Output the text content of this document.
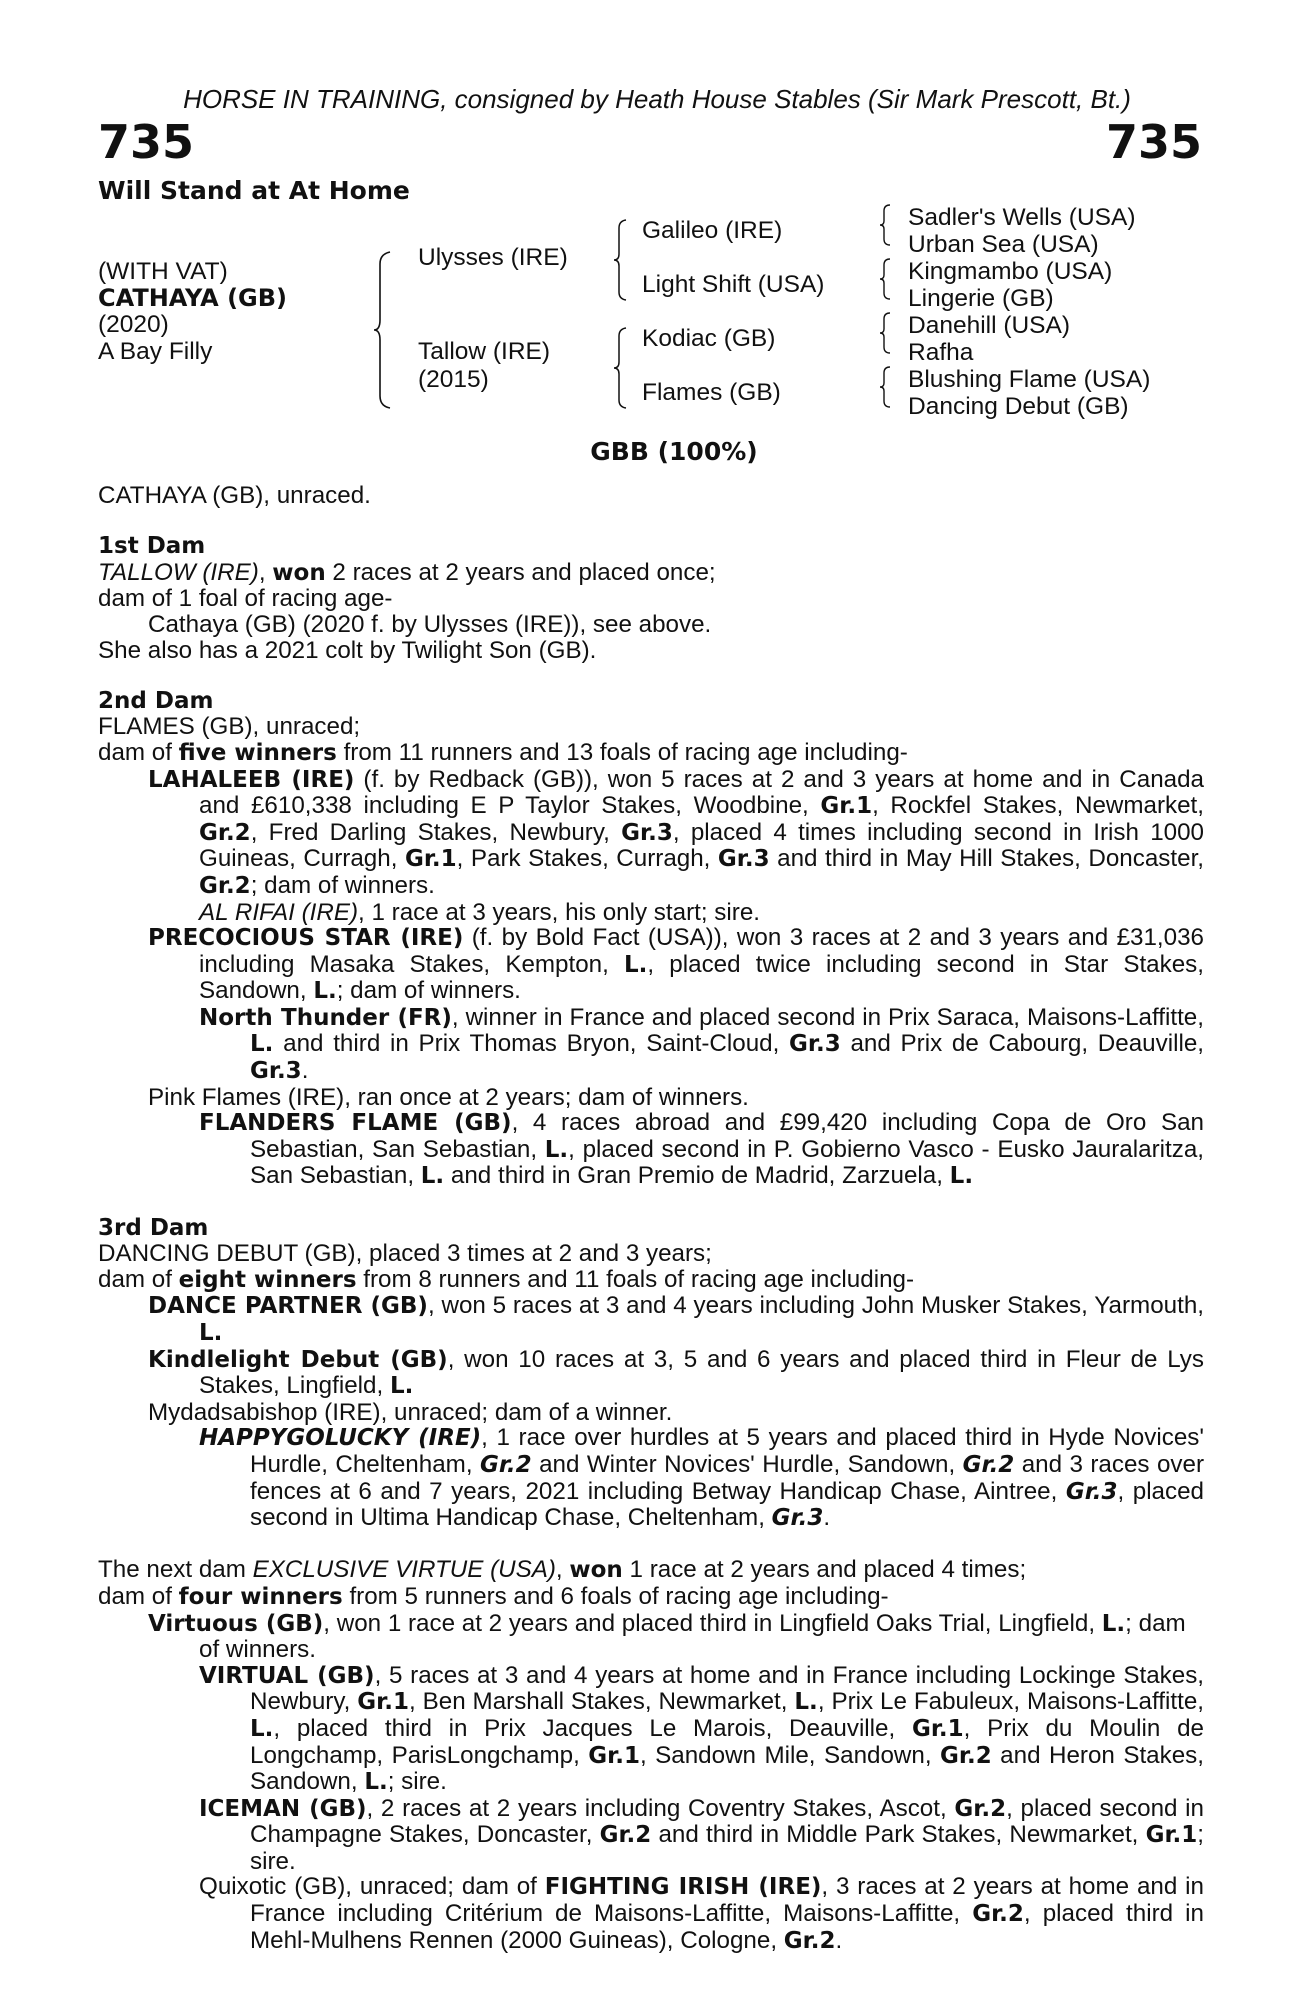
HORSE IN TRAINING, consigned by Heath House Stables (Sir Mark Prescott, Bt.)
735	735
Will Stand at At Home
(WITH VAT)
CATHAYA (GB)
(2020)
A Bay Filly
Ulysses (IRE)
Tallow (IRE)
(2015)
Galileo (IRE)
Light Shift (USA)
Kodiac (GB)
Flames (GB)
Sadler's Wells (USA)
Urban Sea (USA)
Kingmambo (USA)
Lingerie (GB)
Danehill (USA)
Rafha
Blushing Flame (USA)
Dancing Debut (GB)
GBB (100%)

CATHAYA (GB), unraced.

1st Dam

TALLOW (IRE), won 2 races at 2 years and placed once;

dam of 1 foal of racing age-

Cathaya (GB) (2020 f. by Ulysses (IRE)), see above.

She also has a 2021 colt by Twilight Son (GB).

2nd Dam

FLAMES (GB), unraced;

dam of five winners from 11 runners and 13 foals of racing age including-

LAHALEEB (IRE) (f. by Redback (GB)), won 5 races at 2 and 3 years at home and in Canada and £610,338 including E P Taylor Stakes, Woodbine, Gr.1, Rockfel Stakes, Newmarket, Gr.2, Fred Darling Stakes, Newbury, Gr.3, placed 4 times including second in Irish 1000 Guineas, Curragh, Gr.1, Park Stakes, Curragh, Gr.3 and third in May Hill Stakes, Doncaster, Gr.2; dam of winners.

AL RIFAI (IRE), 1 race at 3 years, his only start; sire.

PRECOCIOUS STAR (IRE) (f. by Bold Fact (USA)), won 3 races at 2 and 3 years and £31,036 including Masaka Stakes, Kempton, L., placed twice including second in Star Stakes, Sandown, L.; dam of winners.

North Thunder (FR), winner in France and placed second in Prix Saraca, Maisons-Laffitte, L. and third in Prix Thomas Bryon, Saint-Cloud, Gr.3 and Prix de Cabourg, Deauville, Gr.3.

Pink Flames (IRE), ran once at 2 years; dam of winners.

FLANDERS FLAME (GB), 4 races abroad and £99,420 including Copa de Oro San Sebastian, San Sebastian, L., placed second in P. Gobierno Vasco - Eusko Jauralaritza, San Sebastian, L. and third in Gran Premio de Madrid, Zarzuela, L.

3rd Dam

DANCING DEBUT (GB), placed 3 times at 2 and 3 years;

dam of eight winners from 8 runners and 11 foals of racing age including-

DANCE PARTNER (GB), won 5 races at 3 and 4 years including John Musker Stakes, Yarmouth, L.

Kindlelight Debut (GB), won 10 races at 3, 5 and 6 years and placed third in Fleur de Lys Stakes, Lingfield, L.

Mydadsabishop (IRE), unraced; dam of a winner.

HAPPYGOLUCKY (IRE), 1 race over hurdles at 5 years and placed third in Hyde Novices' Hurdle, Cheltenham, Gr.2 and Winter Novices' Hurdle, Sandown, Gr.2 and 3 races over fences at 6 and 7 years, 2021 including Betway Handicap Chase, Aintree, Gr.3, placed second in Ultima Handicap Chase, Cheltenham, Gr.3.

The next dam EXCLUSIVE VIRTUE (USA), won 1 race at 2 years and placed 4 times;

dam of four winners from 5 runners and 6 foals of racing age including-

Virtuous (GB), won 1 race at 2 years and placed third in Lingfield Oaks Trial, Lingfield, L.; dam of winners.

VIRTUAL (GB), 5 races at 3 and 4 years at home and in France including Lockinge Stakes, Newbury, Gr.1, Ben Marshall Stakes, Newmarket, L., Prix Le Fabuleux, Maisons-Laffitte, L., placed third in Prix Jacques Le Marois, Deauville, Gr.1, Prix du Moulin de Longchamp, ParisLongchamp, Gr.1, Sandown Mile, Sandown, Gr.2 and Heron Stakes, Sandown, L.; sire.

ICEMAN (GB), 2 races at 2 years including Coventry Stakes, Ascot, Gr.2, placed second in Champagne Stakes, Doncaster, Gr.2 and third in Middle Park Stakes, Newmarket, Gr.1; sire.

Quixotic (GB), unraced; dam of FIGHTING IRISH (IRE), 3 races at 2 years at home and in France including Critérium de Maisons-Laffitte, Maisons-Laffitte, Gr.2, placed third in Mehl-Mulhens Rennen (2000 Guineas), Cologne, Gr.2.
